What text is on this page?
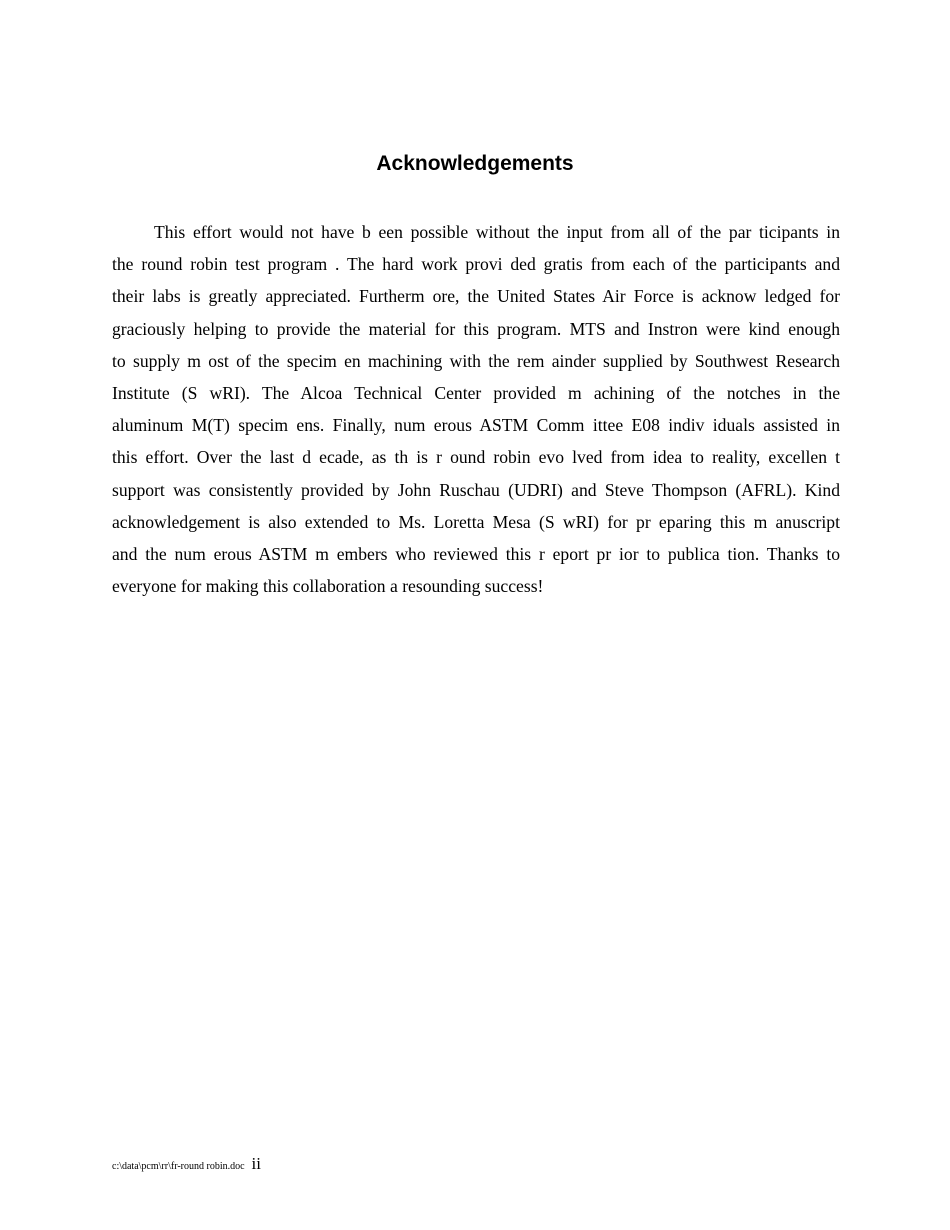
Acknowledgements
This effort would not have b een possible without the input from all of the par ticipants in
the round robin test program . The hard work provi ded gratis from each of the participants and
their labs is greatly appreciated. Furtherm ore, the United States Air Force is acknow ledged for
graciously helping to provide the material for this program. MTS and Instron were kind enough
to supply m ost of the specim en machining with the rem ainder supplied by Southwest Research
Institute (S wRI). The Alcoa Technical Center provided m achining of the notches in the
aluminum M(T) specim ens. Finally, num erous ASTM Comm ittee E08 indiv iduals assisted in
this effort. Over the last d ecade, as th is r ound robin evo lved from idea to reality, excellen t
support was consistently provided by John Ruschau (UDRI) and Steve Thompson (AFRL). Kind
acknowledgement is also extended to Ms. Loretta Mesa (S wRI) for pr eparing this m anuscript
and the num erous ASTM m embers who reviewed this r eport pr ior to publica tion. Thanks to
everyone for making this collaboration a resounding success!
c:\data\pcm\rr\fr-round robin.doc ii
